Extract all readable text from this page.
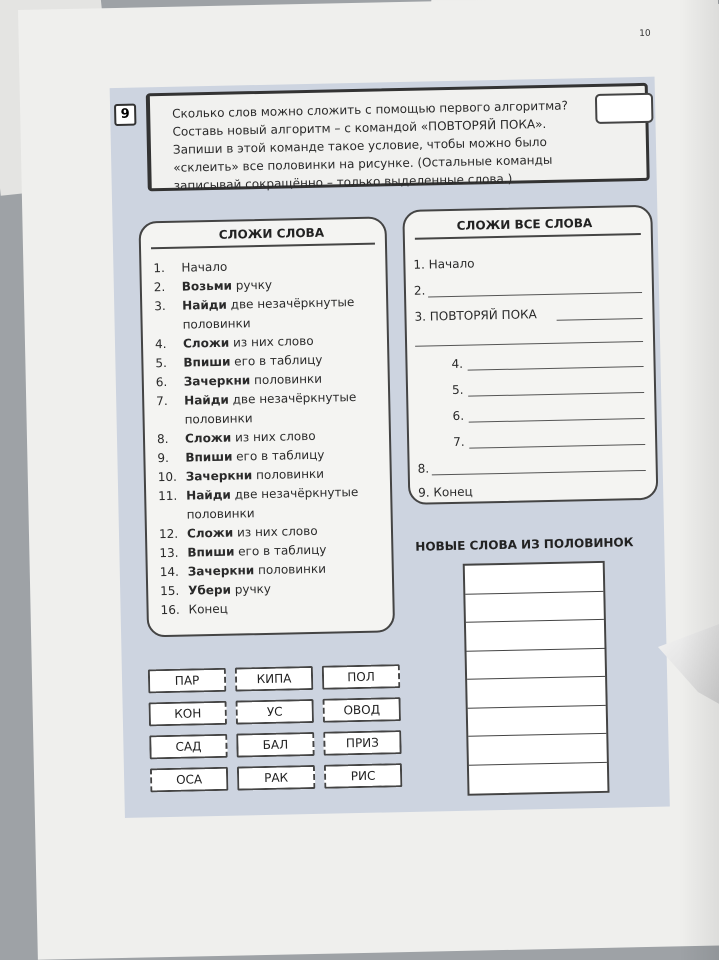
10
9	Сколько слов можно сложить с помощью первого алгоритма?
Составь новый алгоритм – с командой «ПОВТОРЯЙ ПОКА».
Запиши в этой команде такое условие, чтобы можно было
«склеить» все половинки на рисунке. (Остальные команды
записывай сокращённо – только выделенные слова.)
СЛОЖИ СЛОВА
1. Начало
2. Возьми ручку
3. Найди две незачёркнутые
половинки
4. Сложи из них слово
5. Впиши его в таблицу
6. Зачеркни половинки
7. Найди две незачёркнутые
половинки
8. Сложи из них слово
9. Впиши его в таблицу
10. Зачеркни половинки
11. Найди две незачёркнутые
половинки
12. Сложи из них слово
13. Впиши его в таблицу
14. Зачеркни половинки
15. Убери ручку
16. Конец
СЛОЖИ ВСЕ СЛОВА
1. Начало
2.
3. ПОВТОРЯЙ ПОКА
4.
5.
6.
7.
8.
9. Конец
НОВЫЕ СЛОВА ИЗ ПОЛОВИНОК
ПАР	КИПА	ПОЛ
КОН	УС	ОВОД
САД	БАЛ	ПРИЗ
ОСА	РАК	РИС
